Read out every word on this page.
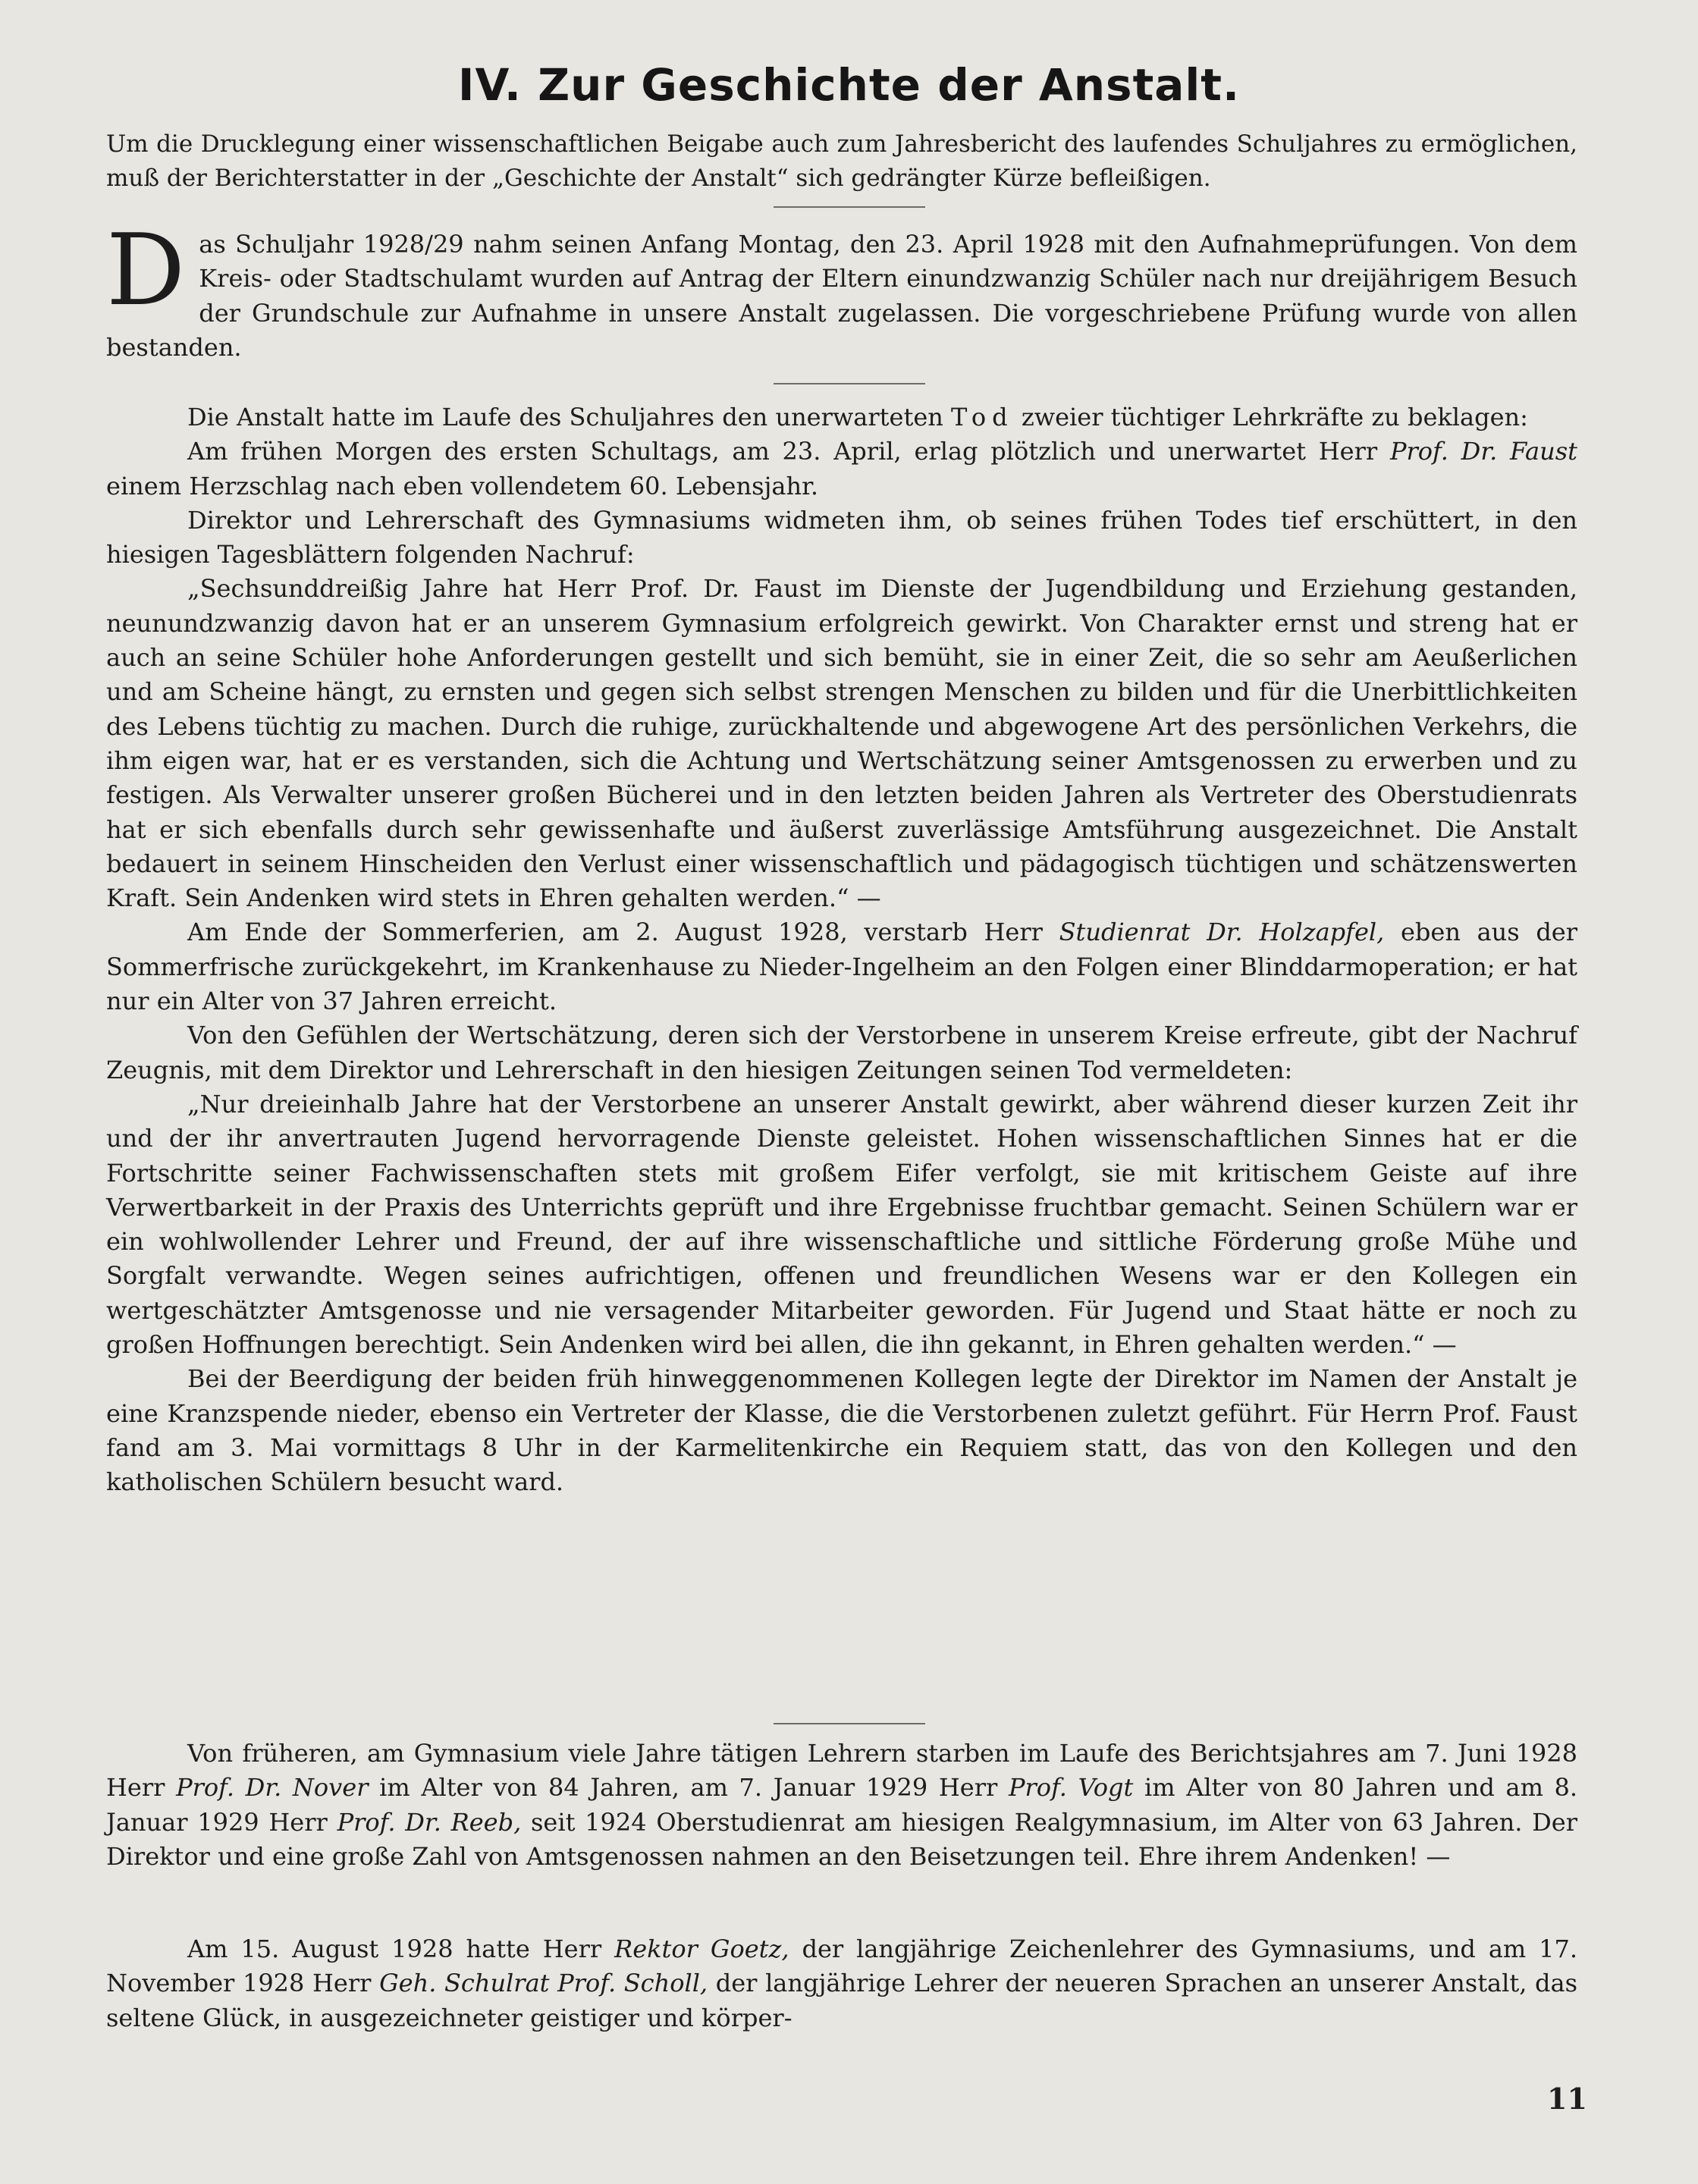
IV. Zur Geschichte der Anstalt.
Um die Drucklegung einer wissenschaftlichen Beigabe auch zum Jahresbericht des laufendes Schuljahres zu ermöglichen, muß der Berichterstatter in der „Geschichte der Anstalt“ sich gedrängter Kürze befleißigen.

Das Schuljahr 1928/29 nahm seinen Anfang Montag, den 23. April 1928 mit den Aufnahmeprüfungen. Von dem Kreis- oder Stadtschulamt wurden auf Antrag der Eltern einundzwanzig Schüler nach nur dreijährigem Besuch der Grundschule zur Aufnahme in unsere Anstalt zugelassen. Die vorgeschriebene Prüfung wurde von allen bestanden.

Die Anstalt hatte im Laufe des Schuljahres den unerwarteten Tod zweier tüchtiger Lehrkräfte zu beklagen:

Am frühen Morgen des ersten Schultags, am 23. April, erlag plötzlich und unerwartet Herr Prof. Dr. Faust einem Herzschlag nach eben vollendetem 60. Lebensjahr.

Direktor und Lehrerschaft des Gymnasiums widmeten ihm, ob seines frühen Todes tief erschüttert, in den hiesigen Tagesblättern folgenden Nachruf:

„Sechsunddreißig Jahre hat Herr Prof. Dr. Faust im Dienste der Jugendbildung und Erziehung gestanden, neunundzwanzig davon hat er an unserem Gymnasium erfolgreich gewirkt. Von Charakter ernst und streng hat er auch an seine Schüler hohe Anforderungen gestellt und sich bemüht, sie in einer Zeit, die so sehr am Aeußerlichen und am Scheine hängt, zu ernsten und gegen sich selbst strengen Menschen zu bilden und für die Unerbittlichkeiten des Lebens tüchtig zu machen. Durch die ruhige, zurückhaltende und abgewogene Art des persönlichen Verkehrs, die ihm eigen war, hat er es verstanden, sich die Achtung und Wertschätzung seiner Amtsgenossen zu erwerben und zu festigen. Als Verwalter unserer großen Bücherei und in den letzten beiden Jahren als Vertreter des Oberstudienrats hat er sich ebenfalls durch sehr gewissenhafte und äußerst zuverlässige Amtsführung ausgezeichnet. Die Anstalt bedauert in seinem Hinscheiden den Verlust einer wissenschaftlich und pädagogisch tüchtigen und schätzenswerten Kraft. Sein Andenken wird stets in Ehren gehalten werden.“ —

Am Ende der Sommerferien, am 2. August 1928, verstarb Herr Studienrat Dr. Holzapfel, eben aus der Sommerfrische zurückgekehrt, im Krankenhause zu Nieder-Ingelheim an den Folgen einer Blinddarmoperation; er hat nur ein Alter von 37 Jahren erreicht.

Von den Gefühlen der Wertschätzung, deren sich der Verstorbene in unserem Kreise erfreute, gibt der Nachruf Zeugnis, mit dem Direktor und Lehrerschaft in den hiesigen Zeitungen seinen Tod vermeldeten:

„Nur dreieinhalb Jahre hat der Verstorbene an unserer Anstalt gewirkt, aber während dieser kurzen Zeit ihr und der ihr anvertrauten Jugend hervorragende Dienste geleistet. Hohen wissenschaftlichen Sinnes hat er die Fortschritte seiner Fachwissenschaften stets mit großem Eifer verfolgt, sie mit kritischem Geiste auf ihre Verwertbarkeit in der Praxis des Unterrichts geprüft und ihre Ergebnisse fruchtbar gemacht. Seinen Schülern war er ein wohlwollender Lehrer und Freund, der auf ihre wissenschaftliche und sittliche Förderung große Mühe und Sorgfalt verwandte. Wegen seines aufrichtigen, offenen und freundlichen Wesens war er den Kollegen ein wertgeschätzter Amtsgenosse und nie versagender Mitarbeiter geworden. Für Jugend und Staat hätte er noch zu großen Hoffnungen berechtigt. Sein Andenken wird bei allen, die ihn gekannt, in Ehren gehalten werden.“ —

Bei der Beerdigung der beiden früh hinweggenommenen Kollegen legte der Direktor im Namen der Anstalt je eine Kranzspende nieder, ebenso ein Vertreter der Klasse, die die Verstorbenen zuletzt geführt. Für Herrn Prof. Faust fand am 3. Mai vormittags 8 Uhr in der Karmelitenkirche ein Requiem statt, das von den Kollegen und den katholischen Schülern besucht ward.

Von früheren, am Gymnasium viele Jahre tätigen Lehrern starben im Laufe des Berichtsjahres am 7. Juni 1928 Herr Prof. Dr. Nover im Alter von 84 Jahren, am 7. Januar 1929 Herr Prof. Vogt im Alter von 80 Jahren und am 8. Januar 1929 Herr Prof. Dr. Reeb, seit 1924 Oberstudienrat am hiesigen Realgymnasium, im Alter von 63 Jahren. Der Direktor und eine große Zahl von Amtsgenossen nahmen an den Beisetzungen teil. Ehre ihrem Andenken! —

Am 15. August 1928 hatte Herr Rektor Goetz, der langjährige Zeichenlehrer des Gymnasiums, und am 17. November 1928 Herr Geh. Schulrat Prof. Scholl, der langjährige Lehrer der neueren Sprachen an unserer Anstalt, das seltene Glück, in ausgezeichneter geistiger und körper-

11
